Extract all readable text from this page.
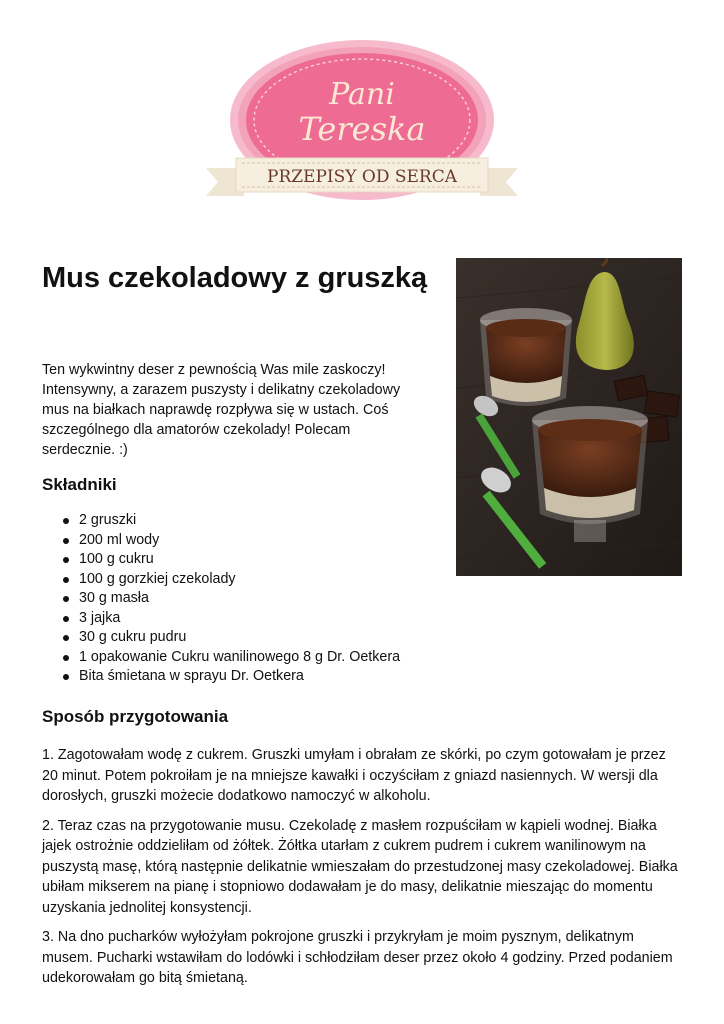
Pani
Tereska
PRZEPISY OD SERCA
Mus czekoladowy z gruszką

Ten wykwintny deser z pewnością Was mile zaskoczy! Intensywny, a zarazem puszysty i delikatny czekoladowy mus na białkach naprawdę rozpływa się w ustach. Coś szczególnego dla amatorów czekolady! Polecam serdecznie. :)

Składniki
2 gruszki
200 ml wody
100 g cukru
100 g gorzkiej czekolady
30 g masła
3 jajka
30 g cukru pudru
1 opakowanie Cukru wanilinowego 8 g Dr. Oetkera
Bita śmietana w sprayu Dr. Oetkera
Sposób przygotowania

1. Zagotowałam wodę z cukrem. Gruszki umyłam i obrałam ze skórki, po czym gotowałam je przez 20 minut. Potem pokroiłam je na mniejsze kawałki i oczyściłam z gniazd nasiennych. W wersji dla dorosłych, gruszki możecie dodatkowo namoczyć w alkoholu.

2. Teraz czas na przygotowanie musu. Czekoladę z masłem rozpuściłam w kąpieli wodnej. Białka jajek ostrożnie oddzieliłam od żółtek. Żółtka utarłam z cukrem pudrem i cukrem wanilinowym na puszystą masę, którą następnie delikatnie wmieszałam do przestudzonej masy czekoladowej. Białka ubiłam mikserem na pianę i stopniowo dodawałam je do masy, delikatnie mieszając do momentu uzyskania jednolitej konsystencji.

3. Na dno pucharków wyłożyłam pokrojone gruszki i przykryłam je moim pysznym, delikatnym musem. Pucharki wstawiłam do lodówki i schłodziłam deser przez około 4 godziny. Przed podaniem udekorowałam go bitą śmietaną.
